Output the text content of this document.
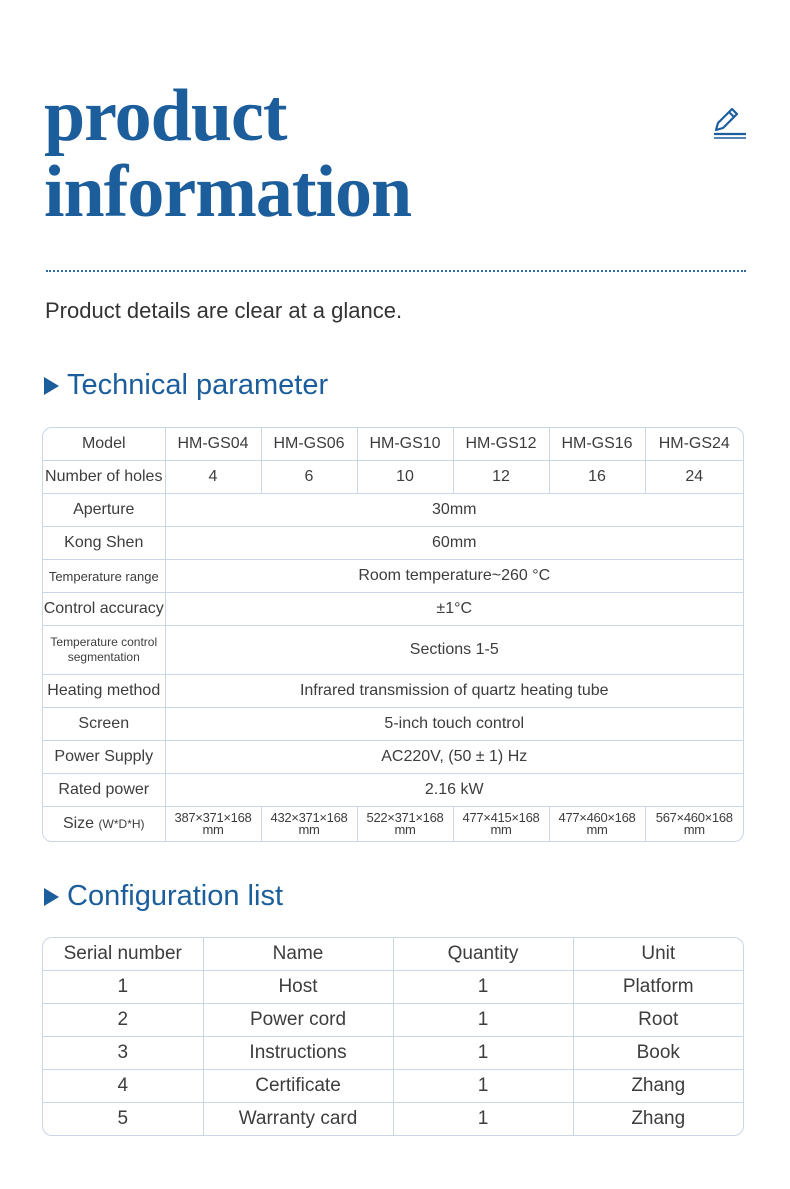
product
information
Product details are clear at a glance.
Technical parameter
Model	HM-GS04	HM-GS06	HM-GS10	HM-GS12	HM-GS16	HM-GS24
Number of holes	4	6	10	12	16	24
Aperture	30mm					
Kong Shen	60mm					
Temperature range	Room temperature~260 °C					
Control accuracy	±1°C					
Temperature control segmentation	Sections 1-5					
Heating method	Infrared transmission of quartz heating tube					
Screen	5-inch touch control					
Power Supply	AC220V, (50 ± 1) Hz					
Rated power	2.16 kW					
Size (W*D*H)	387×371×168 mm	432×371×168 mm	522×371×168 mm	477×415×168 mm	477×460×168 mm	567×460×168 mm
Configuration list
Serial number	Name	Quantity	Unit
1	Host	1	Platform
2	Power cord	1	Root
3	Instructions	1	Book
4	Certificate	1	Zhang
5	Warranty card	1	Zhang
